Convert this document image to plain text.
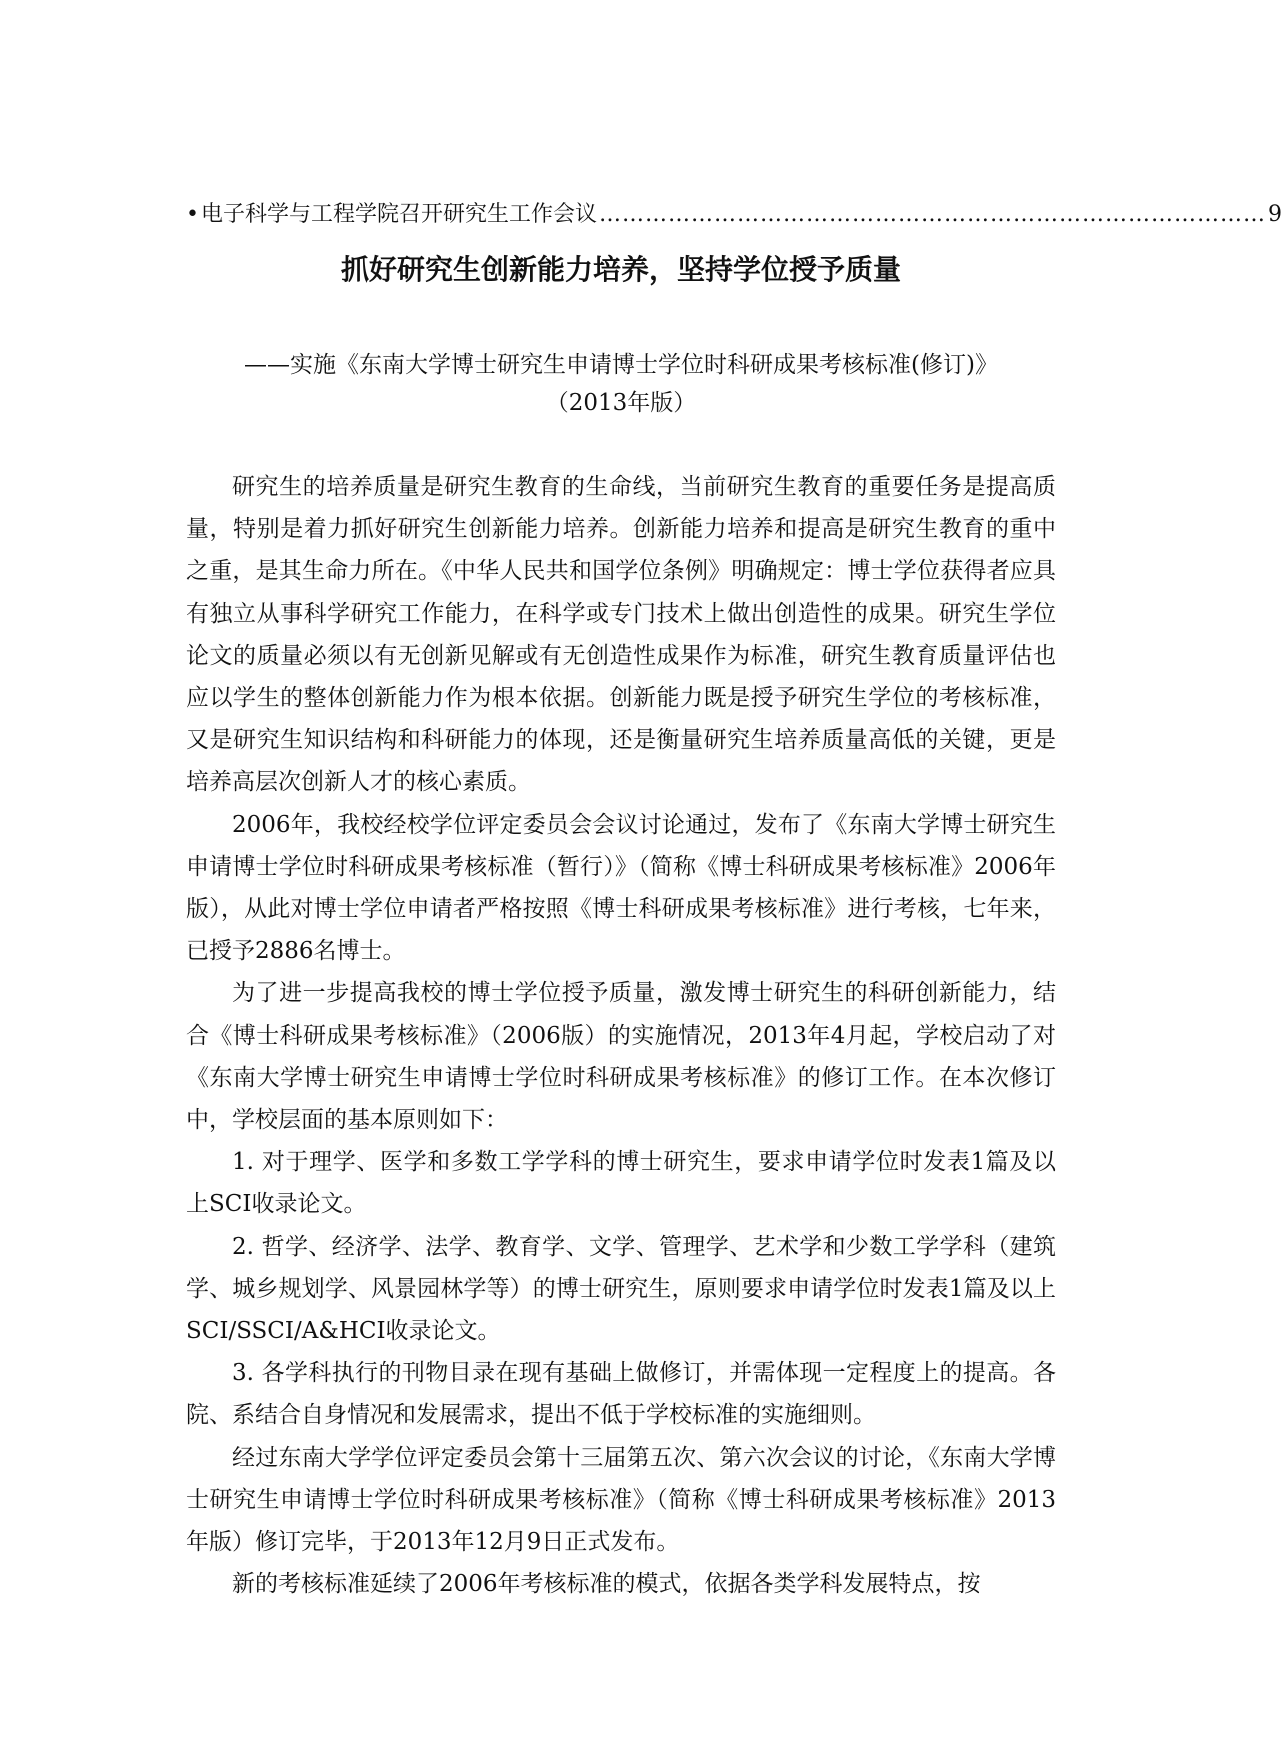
• 电子科学与工程学院召开研究生工作会议 …………………………………………………………………………… 9
抓好研究生创新能力培养，坚持学位授予质量
——实施《东南大学博士研究生申请博士学位时科研成果考核标准(修订)》
（2013年版）

研究生的培养质量是研究生教育的生命线，当前研究生教育的重要任务是提高质量，特别是着力抓好研究生创新能力培养。创新能力培养和提高是研究生教育的重中之重，是其生命力所在。《中华人民共和国学位条例》明确规定：博士学位获得者应具有独立从事科学研究工作能力，在科学或专门技术上做出创造性的成果。研究生学位论文的质量必须以有无创新见解或有无创造性成果作为标准，研究生教育质量评估也应以学生的整体创新能力作为根本依据。创新能力既是授予研究生学位的考核标准，又是研究生知识结构和科研能力的体现，还是衡量研究生培养质量高低的关键，更是培养高层次创新人才的核心素质。

2006年，我校经校学位评定委员会会议讨论通过，发布了《东南大学博士研究生申请博士学位时科研成果考核标准（暂行）》（简称《博士科研成果考核标准》2006年版），从此对博士学位申请者严格按照《博士科研成果考核标准》进行考核，七年来，已授予2886名博士。

为了进一步提高我校的博士学位授予质量，激发博士研究生的科研创新能力，结合《博士科研成果考核标准》（2006版）的实施情况，2013年4月起，学校启动了对《东南大学博士研究生申请博士学位时科研成果考核标准》的修订工作。在本次修订中，学校层面的基本原则如下：

1. 对于理学、医学和多数工学学科的博士研究生，要求申请学位时发表1篇及以上SCI收录论文。

2. 哲学、经济学、法学、教育学、文学、管理学、艺术学和少数工学学科（建筑学、城乡规划学、风景园林学等）的博士研究生，原则要求申请学位时发表1篇及以上SCI/SSCI/A&HCI收录论文。

3. 各学科执行的刊物目录在现有基础上做修订，并需体现一定程度上的提高。各院、系结合自身情况和发展需求，提出不低于学校标准的实施细则。

经过东南大学学位评定委员会第十三届第五次、第六次会议的讨论，《东南大学博士研究生申请博士学位时科研成果考核标准》（简称《博士科研成果考核标准》2013年版）修订完毕，于2013年12月9日正式发布。

新的考核标准延续了2006年考核标准的模式，依据各类学科发展特点，按
